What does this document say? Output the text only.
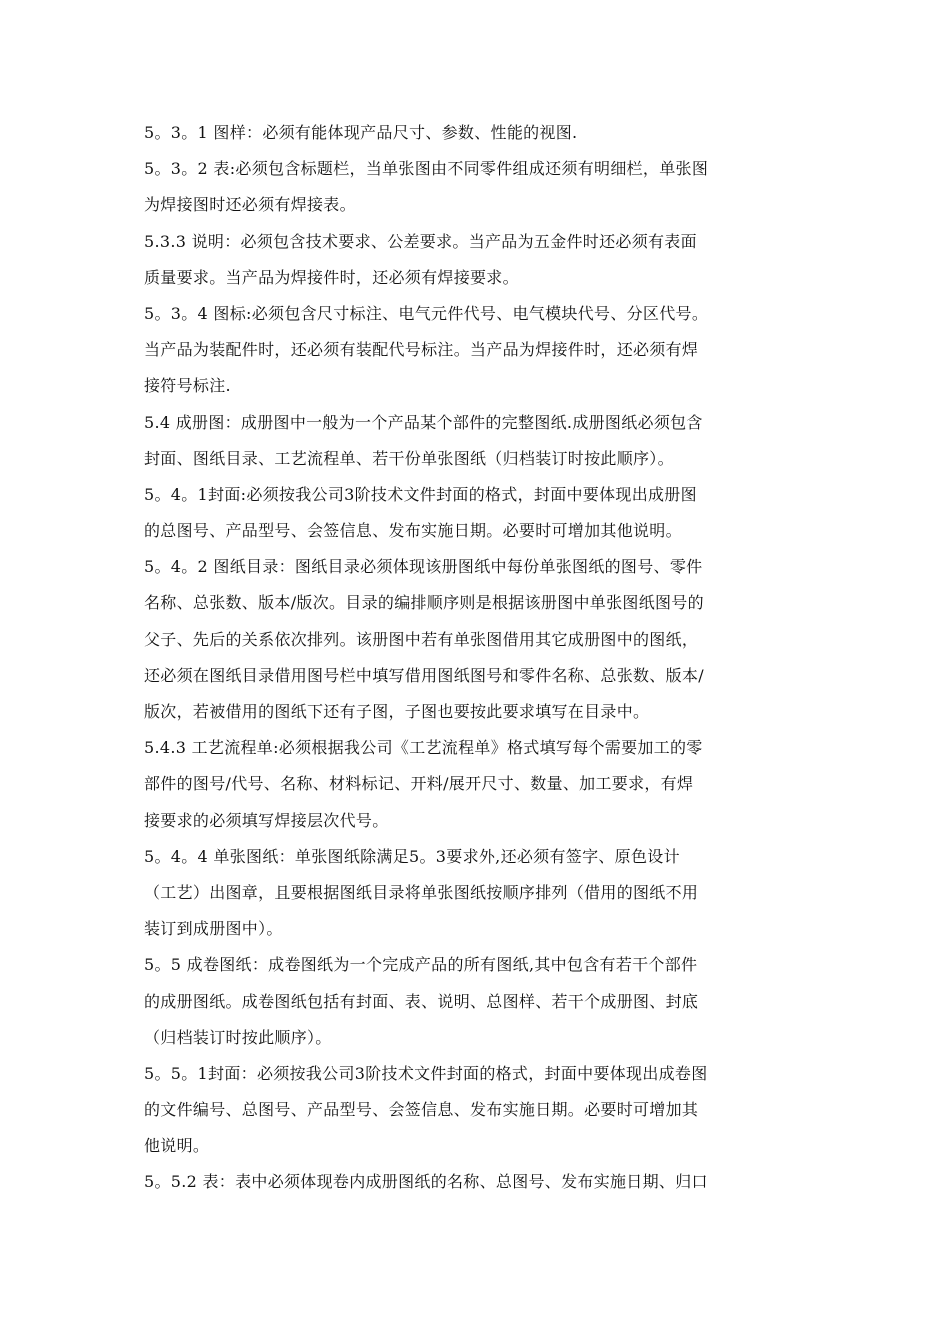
5。3。1 图样：必须有能体现产品尺寸、参数、性能的视图.
5。3。2 表:必须包含标题栏，当单张图由不同零件组成还须有明细栏，单张图
为焊接图时还必须有焊接表。
5.3.3 说明：必须包含技术要求、公差要求。当产品为五金件时还必须有表面
质量要求。当产品为焊接件时，还必须有焊接要求。
5。3。4 图标:必须包含尺寸标注、电气元件代号、电气模块代号、分区代号。
当产品为装配件时，还必须有装配代号标注。当产品为焊接件时，还必须有焊
接符号标注.
5.4 成册图：成册图中一般为一个产品某个部件的完整图纸.成册图纸必须包含
封面、图纸目录、工艺流程单、若干份单张图纸（归档装订时按此顺序）。
5。4。1封面:必须按我公司3阶技术文件封面的格式，封面中要体现出成册图
的总图号、产品型号、会签信息、发布实施日期。必要时可增加其他说明。
5。4。2 图纸目录：图纸目录必须体现该册图纸中每份单张图纸的图号、零件
名称、总张数、版本/版次。目录的编排顺序则是根据该册图中单张图纸图号的
父子、先后的关系依次排列。该册图中若有单张图借用其它成册图中的图纸，
还必须在图纸目录借用图号栏中填写借用图纸图号和零件名称、总张数、版本/
版次，若被借用的图纸下还有子图，子图也要按此要求填写在目录中。
5.4.3 工艺流程单:必须根据我公司《工艺流程单》格式填写每个需要加工的零
部件的图号/代号、名称、材料标记、开料/展开尺寸、数量、加工要求，有焊
接要求的必须填写焊接层次代号。
5。4。4 单张图纸：单张图纸除满足5。3要求外,还必须有签字、原色设计
（工艺）出图章，且要根据图纸目录将单张图纸按顺序排列（借用的图纸不用
装订到成册图中）。
5。5 成卷图纸：成卷图纸为一个完成产品的所有图纸,其中包含有若干个部件
的成册图纸。成卷图纸包括有封面、表、说明、总图样、若干个成册图、封底
（归档装订时按此顺序）。
5。5。1封面：必须按我公司3阶技术文件封面的格式，封面中要体现出成卷图
的文件编号、总图号、产品型号、会签信息、发布实施日期。必要时可增加其
他说明。
5。5.2 表：表中必须体现卷内成册图纸的名称、总图号、发布实施日期、归口
